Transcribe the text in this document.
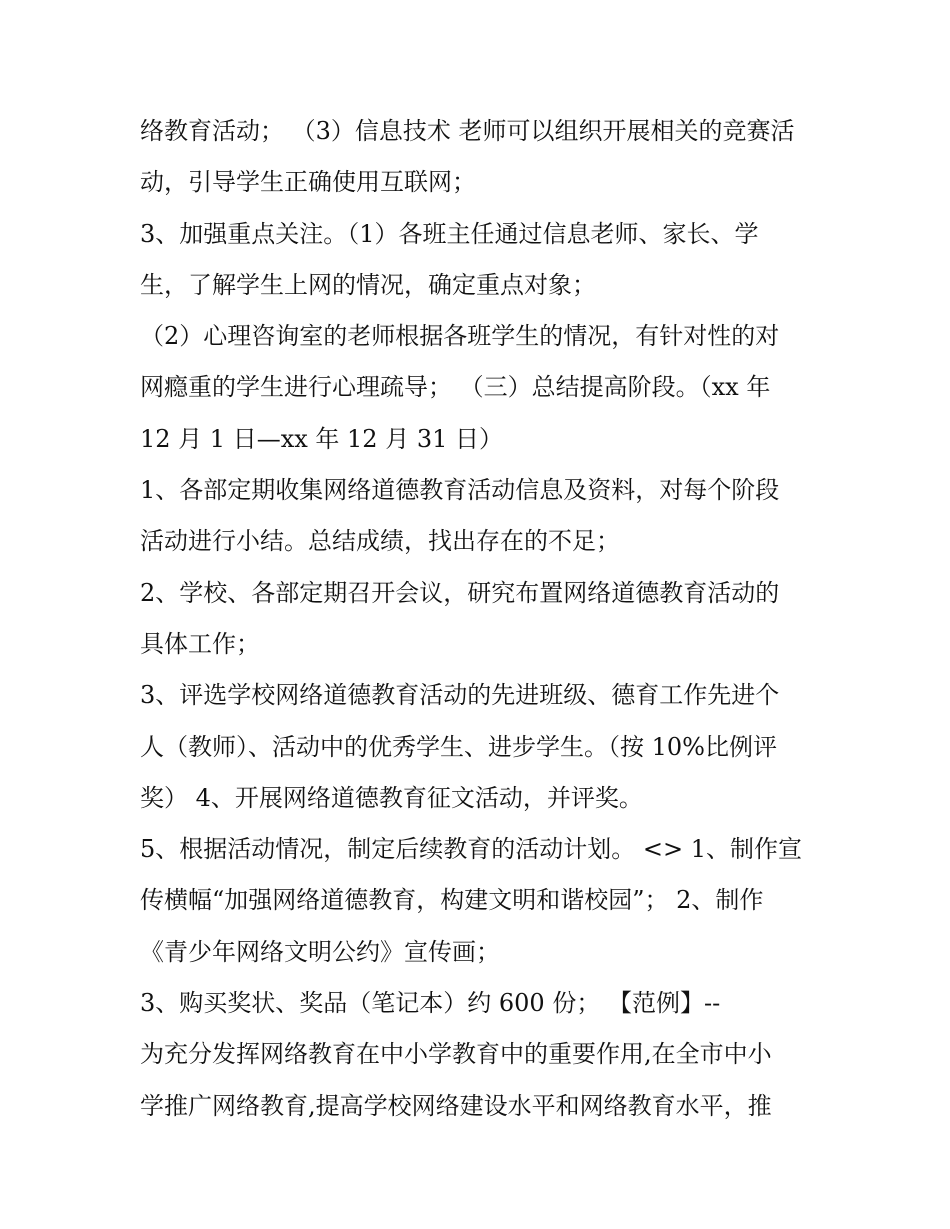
络教育活动； （3）信息技术 老师可以组织开展相关的竞赛活
动，引导学生正确使用互联网；
3、加强重点关注。（1）各班主任通过信息老师、家长、学
生，了解学生上网的情况，确定重点对象；
（2）心理咨询室的老师根据各班学生的情况，有针对性的对
网瘾重的学生进行心理疏导； （三）总结提高阶段。（xx 年
12 月 1 日—xx 年 12 月 31 日）
1、各部定期收集网络道德教育活动信息及资料，对每个阶段
活动进行小结。总结成绩，找出存在的不足；
2、学校、各部定期召开会议，研究布置网络道德教育活动的
具体工作；
3、评选学校网络道德教育活动的先进班级、德育工作先进个
人（教师）、活动中的优秀学生、进步学生。（按 10%比例评
奖） 4、开展网络道德教育征文活动，并评奖。
5、根据活动情况，制定后续教育的活动计划。 <> 1、制作宣
传横幅“加强网络道德教育，构建文明和谐校园”； 2、制作
《青少年网络文明公约》宣传画；
3、购买奖状、奖品（笔记本）约 600 份； 【范例】--
为充分发挥网络教育在中小学教育中的重要作用,在全市中小
学推广网络教育,提高学校网络建设水平和网络教育水平，推
